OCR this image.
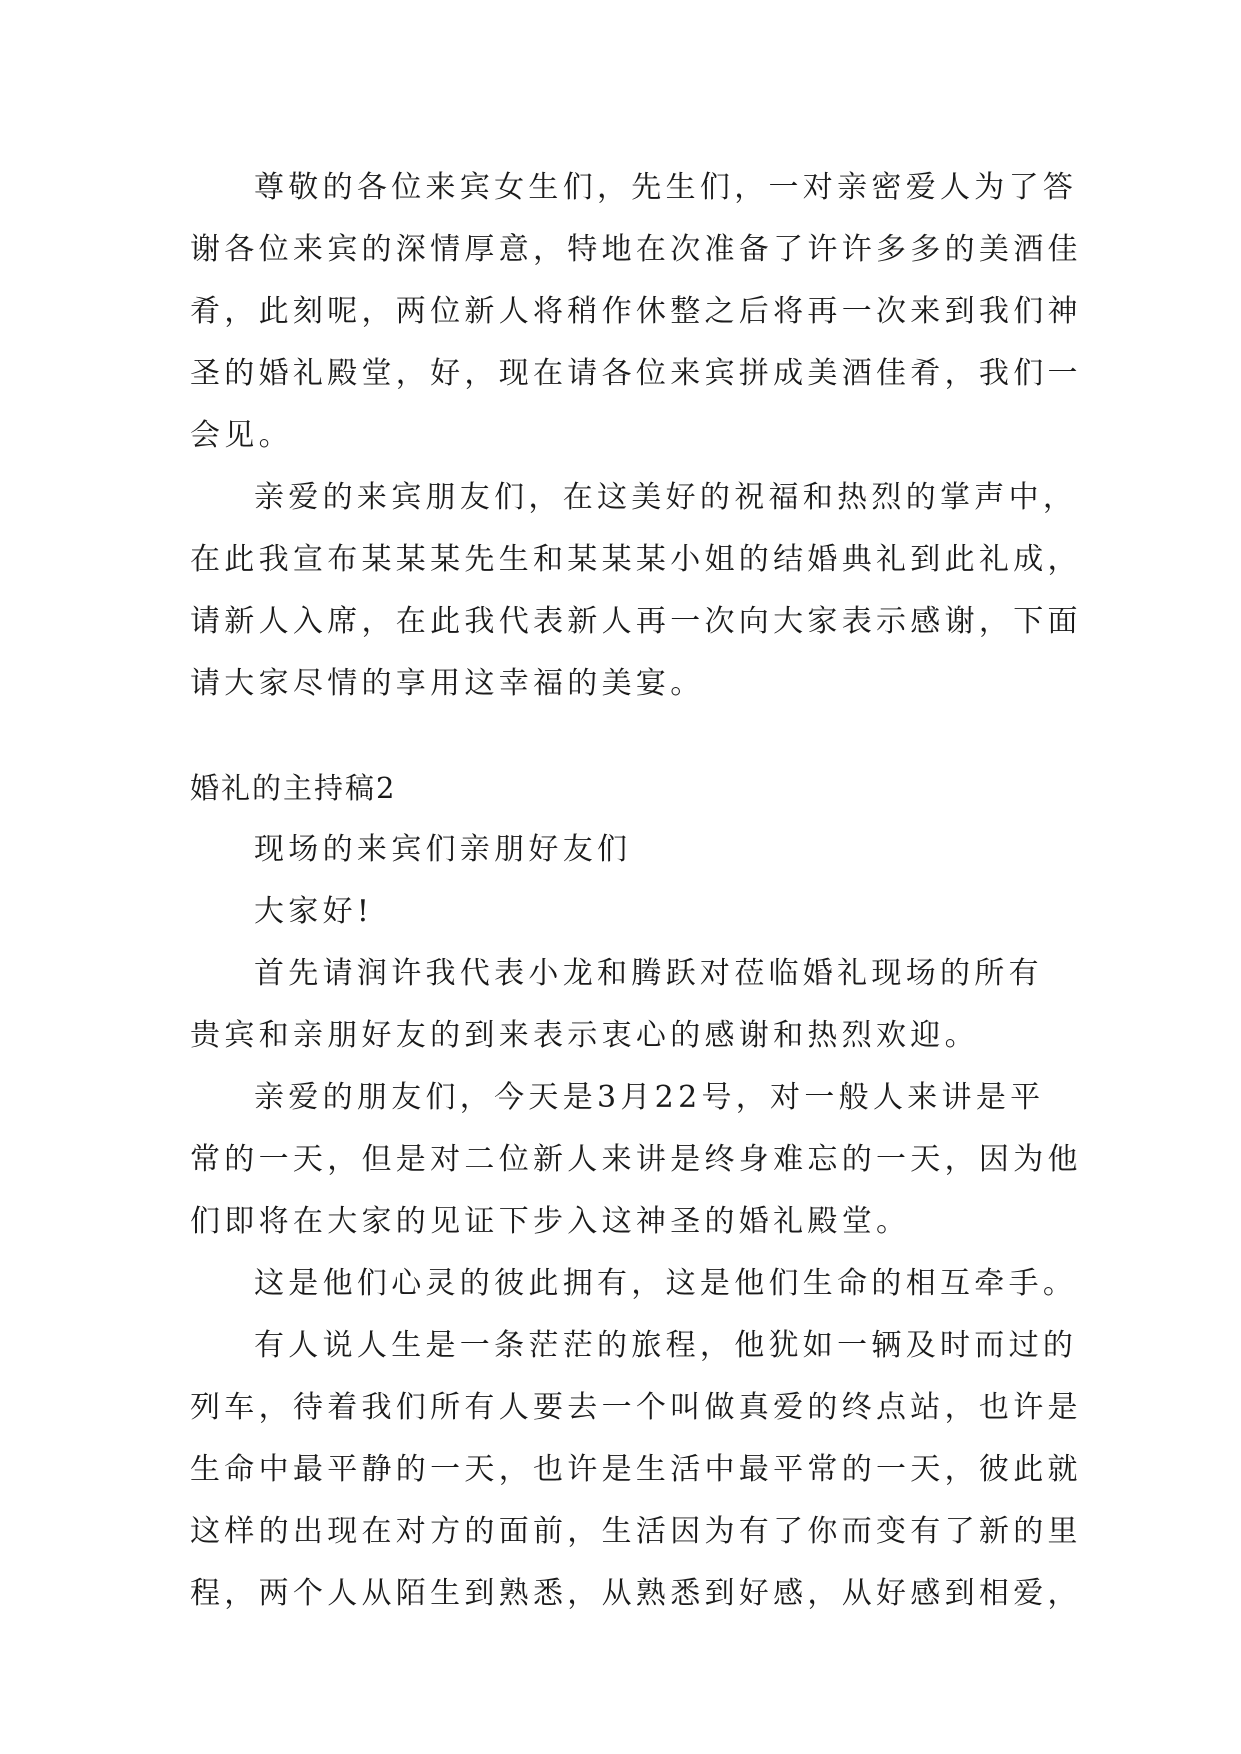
尊敬的各位来宾女生们，先生们，一对亲密爱人为了答
谢各位来宾的深情厚意，特地在次准备了许许多多的美酒佳
肴，此刻呢，两位新人将稍作休整之后将再一次来到我们神
圣的婚礼殿堂，好，现在请各位来宾拼成美酒佳肴，我们一
会见。
亲爱的来宾朋友们，在这美好的祝福和热烈的掌声中，
在此我宣布某某某先生和某某某小姐的结婚典礼到此礼成，
请新人入席，在此我代表新人再一次向大家表示感谢，下面
请大家尽情的享用这幸福的美宴。
婚礼的主持稿2
现场的来宾们亲朋好友们
大家好!
首先请润许我代表小龙和腾跃对莅临婚礼现场的所有
贵宾和亲朋好友的到来表示衷心的感谢和热烈欢迎。
亲爱的朋友们，今天是3月22号，对一般人来讲是平
常的一天，但是对二位新人来讲是终身难忘的一天，因为他
们即将在大家的见证下步入这神圣的婚礼殿堂。
这是他们心灵的彼此拥有，这是他们生命的相互牵手。
有人说人生是一条茫茫的旅程，他犹如一辆及时而过的
列车，待着我们所有人要去一个叫做真爱的终点站，也许是
生命中最平静的一天，也许是生活中最平常的一天，彼此就
这样的出现在对方的面前，生活因为有了你而变有了新的里
程，两个人从陌生到熟悉，从熟悉到好感，从好感到相爱，
